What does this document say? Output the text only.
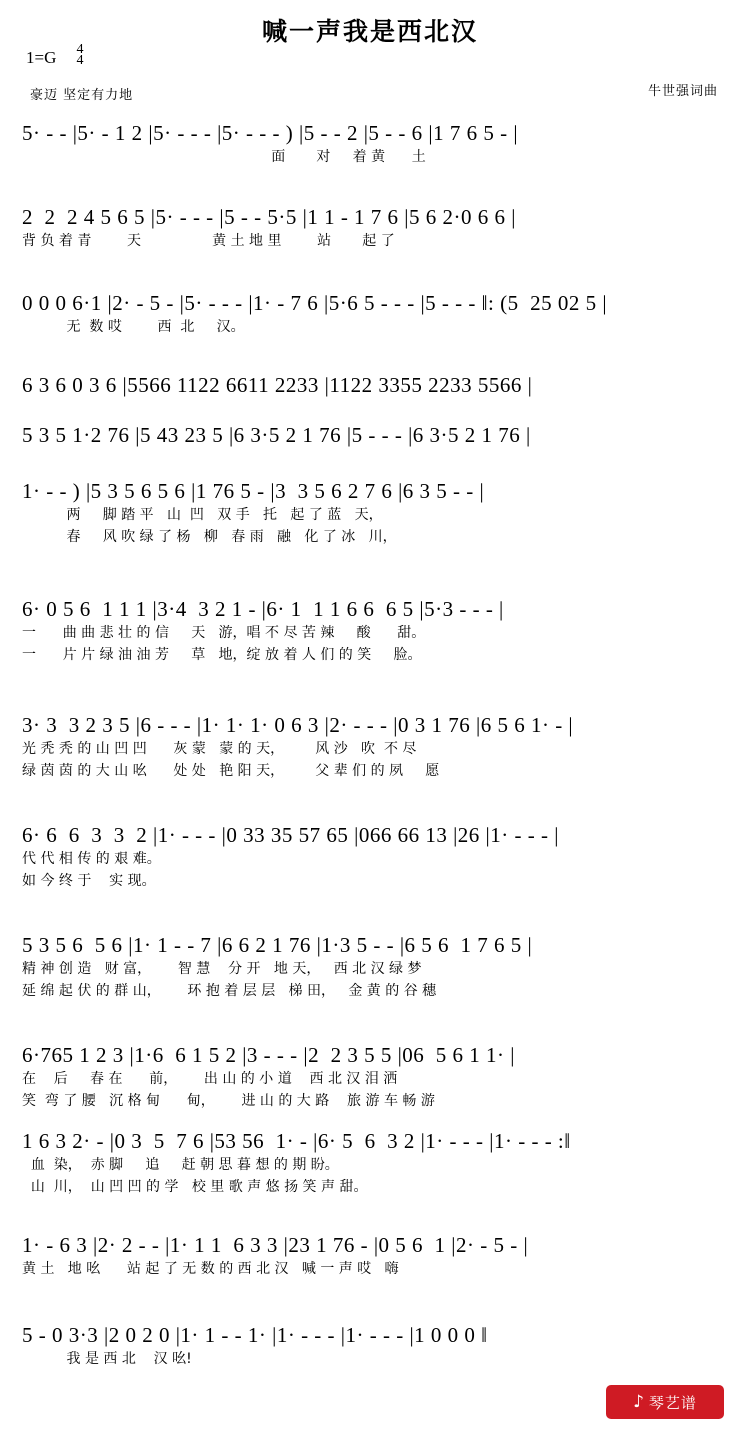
喊一声我是西北汉
1=G	4
4
豪迈 坚定有力地	牛世强词曲
5· - - |5· - 1 2 |5· - - - |5· - - - ) |5 - - 2 |5 - - 6 |1 7 6 5 - |
面       对     着 黄      土
2  2  2 4 5 6 5 |5· - - - |5 - - 5·5 |1 1 - 1 7 6 |5 6 2·0 6 6 |
背 负 着 青        天                黄 土 地 里        站       起 了
0 0 0 6·1 |2· - 5 - |5· - - - |1· - 7 6 |5·6 5 - - - |5 - - - ‖: (5  25 02 5 |
无  数 哎        西  北     汉。
6 3 6 0 3 6 |5566 1122 6611 2233 |1122 3355 2233 5566 |
5 3 5 1·2 76 |5 43 23 5 |6 3·5 2 1 76 |5 - - - |6 3·5 2 1 76 |
1· - - ) |5 3 5 6 5 6 |1 76 5 - |3  3 5 6 2 7 6 |6 3 5 - - |
两     脚 踏 平   山  凹   双 手   托   起 了 蓝   天，
春     风 吹 绿 了 杨   柳   春 雨   融   化 了 冰   川，
6· 0 5 6  1 1 1 |3·4  3 2 1 - |6· 1  1 1 6 6  6 5 |5·3 - - - |
一      曲 曲 悲 壮 的 信     天   游，唱 不 尽 苦 辣     酸      甜。
一      片 片 绿 油 油 芳     草   地，绽 放 着 人 们 的 笑     脸。
3· 3  3 2 3 5 |6 - - - |1· 1· 1· 0 6 3 |2· - - - |0 3 1 76 |6 5 6 1· - |
光 秃 秃 的 山 凹 凹      灰 蒙   蒙 的 天，       风 沙   吹  不 尽
绿 茵 茵 的 大 山 吆      处 处   艳 阳 天，       父 辈 们 的 夙     愿
6· 6  6  3  3  2 |1· - - - |0 33 35 57 65 |066 66 13 |26 |1· - - - |
代 代 相 传 的 艰 难。
如 今 终 于    实 现。
5 3 5 6  5 6 |1· 1 - - 7 |6 6 2 1 76 |1·3 5 - - |6 5 6  1 7 6 5 |
精 神 创 造   财 富，      智 慧    分 开   地 天，   西 北 汉 绿 梦
延 绵 起 伏 的 群 山，      环 抱 着 层 层   梯 田，   金 黄 的 谷 穗
6·765 1 2 3 |1·6  6 1 5 2 |3 - - - |2  2 3 5 5 |06  5 6 1 1· |
在    后     春 在      前，      出 山 的 小 道    西 北 汉 泪 洒
笑  弯 了 腰   沉 格 甸      甸，      进 山 的 大 路    旅 游 车 畅 游
1 6 3 2· - |0 3  5  7 6 |53 56  1· - |6· 5  6  3 2 |1· - - - |1· - - - :‖
血  染，  赤 脚     追     赶 朝 思 暮 想 的 期 盼。
山  川，  山 凹 凹 的 学   校 里 歌 声 悠 扬 笑 声 甜。
1· - 6 3 |2· 2 - - |1· 1 1  6 3 3 |23 1 76 - |0 5 6  1 |2· - 5 - |
黄 土   地 吆      站 起 了 无 数 的 西 北 汉   喊 一 声 哎   嗨
5 - 0 3·3 |2 0 2 0 |1· 1 - - 1· |1· - - - |1· - - - |1 0 0 0 ‖
我 是 西 北    汉 吆!
♪ 琴艺谱
